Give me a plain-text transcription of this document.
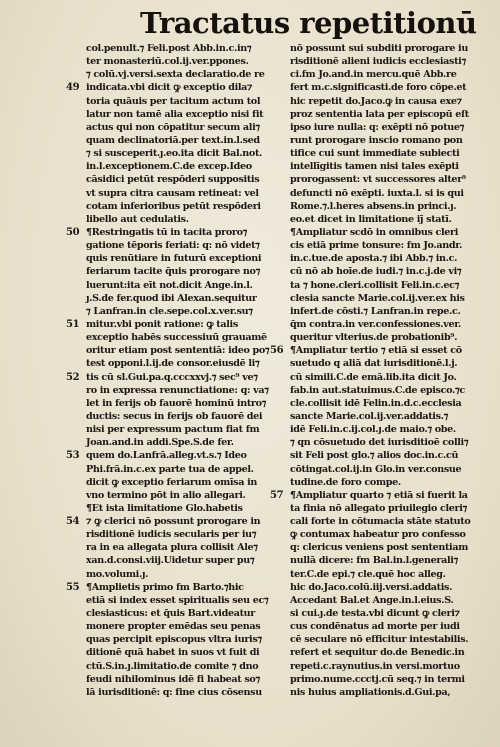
Tractatus repetitionū
col.penult.⁊ Feli.post Abb.in.c.in⁊
ter monasteriū.col.ij.ver.ppones.
⁊ colū.vj.versi.sexta declaratio.de re
49 indicata.vbi dicit ꝙ exceptio dila⁊
toria quāuis per tacitum actum tol
latur non tamē alia exceptio nisi fit
actus qui non cōpatitur secum ali⁊
quam declinatoriā.per text.in.l.sed
⁊ si susceperit.ȷ.eo.ita dicit Bal.not.
in.l.exceptionem.C.de excep.Ideo
cāsidici petūt respōderi suppositis
vt supra citra causam retineat: vel
cotam inferioribus petūt respōderi
libello aut cedulatis.
50 ¶Restringatis tū in tacita proro⁊
gatione tēporis feriati: q: nō videt⁊
quis renūtiare in futurū exceptioni
feriarum tacite q̄uis prorogare no⁊
luerunt:ita eīt not.dicit Ange.in.l.
ȷ.S.de fer.quod ibi Alexan.sequitur
⁊ Lanfran.in cle.sepe.col.x.ver.su⁊
51 mitur.vbi ponit ratione: ꝙ talis
exceptio habēs successiuū grauamē
oritur etiam post sententiā: ideo po⁊
test opponi.l.ij.de consor.eiusdē li⁊
52 tis cū sl.Gui.pa.q.cccxxvj.⁊ sec⁹ ve⁊
ro in expressa renunctiatione: q: va⁊
let in ferijs ob fauorē hominū intro⁊
ductis: secus in ferijs ob fauorē dei
nisi per expressum pactum fiat fm
Joan.and.in addi.Spe.S.de fer.
53 quem do.Lanfrā.alleg.vt.s.⁊ Ideo
Phi.frā.in.c.ex parte tua de appel.
dicit ꝙ exceptio feriarum omīsa in
vno termino pōt in alio allegari.
¶Et ista limitatione Glo.habetis
54 ⁊ ꝙ clerici nō possunt prorogare in
risditionē iudicis secularis per iu⁊
ra in ea allegata plura collisit Ale⁊
xan.d.consi.viij.Uidetur super pu⁊
mo.volumi.ȷ.
55 ¶Amplietis primo fm Barto.⁊hic
etiā si index esset spiritualis seu ec⁊
clesiasticus: et q̄uis Bart.videatur
monere propter emēdas seu penas
quas percipit episcopus vltra iuris⁊
ditionē quā habet in suos vt fuit di
ctū.S.in.ȷ.limitatio.de comite ⁊ dno
feudi nihilominus idē fi habeat so⁊
lā iurisditionē: q: fine cius cōsensu
nō possunt sui subditi prorogare iu
risditionē alieni iudicis ecclesiasti⁊
ci.fm Jo.and.in mercu.quē Abb.re
fert m.c.significasti.de foro cōpe.et
hic repetit do.Jaco.ꝙ in causa exe⁊
proz sententia lata per episcopū eſt
ipso iure nulla: q: exēpti nō potue⁊
runt prorogare inscio romano pon
tifice cui sunt immediate subiecti
intellīgitis tamen nisi tales exēpti
prorogassent: vt successores alter⁹
defuncti nō exēpti. iuxta.l. si is qui
Rome.⁊.l.heres absens.in princi.ȷ.
eo.et dicet in limitatione ij̄ statī.
¶Ampliatur scdō in omnibus cleri
cis etiā prime tonsure: fm Jo.andr.
in.c.tue.de aposta.⁊ ibi Abb.⁊ in.c.
cū nō ab hoīe.de iudi.⁊ in.c.j.de vi⁊
ta ⁊ hone.cleri.collisit Feli.in.c.ec⁊
clesia sancte Marie.col.ij.ver.ex his
infert.de cōsti.⁊ Lanfran.in repe.c.
q̄m contra.in ver.confessiones.ver.
queritur vlterius.de probationib⁹.
56 ¶Ampliatur tertio ⁊ etiā si esset cō
suetudo q aliā dat iurisditionē.l.j.
cū simili.C.de emā.lib.ita dicit Jo.
fab.in aut.statuimus.C.de episco.⁊c
cle.collisit idē Felin.in.d.c.ecclesia
sancte Marie.col.ij.ver.addatis.⁊
idē Feli.in.c.ij.col.ȷ.de maio.⁊ obe.
⁊ qn cōsuetudo det iurisditioē colli⁊
sit Feli post glo.⁊ alios doc.in.c.cū
cōtingat.col.ij.in Glo.in ver.consue
tudine.de foro compe.
57 ¶Ampliatur quarto ⁊ etiā si fuerit la
ta finia nō allegato priuilegio cleri⁊
cali forte in cōtumacia stāte statuto
ꝙ contumax habeatur pro confesso
q: clericus veniens post sententiam
nullā dicere: fm Bal.in.l.generali⁊
ter.C.de epi.⁊ cle.quē hoc alleg.
hic do.Jaco.colū.iij.versi.addatis.
Accedant Bal.et Ange.in.l.eius.S.
si cui.ȷ.de testa.vbi dicunt ꝙ cleri⁊
cus condēnatus ad morte per iudi
cē seculare nō efficitur intestabilis.
refert et sequitur do.de Benedic.in
repeti.c.raynutius.in versi.mortuo
primo.nume.ccctj.cū seq.⁊ in termi
nis huius ampliationis.d.Gui.pa,
